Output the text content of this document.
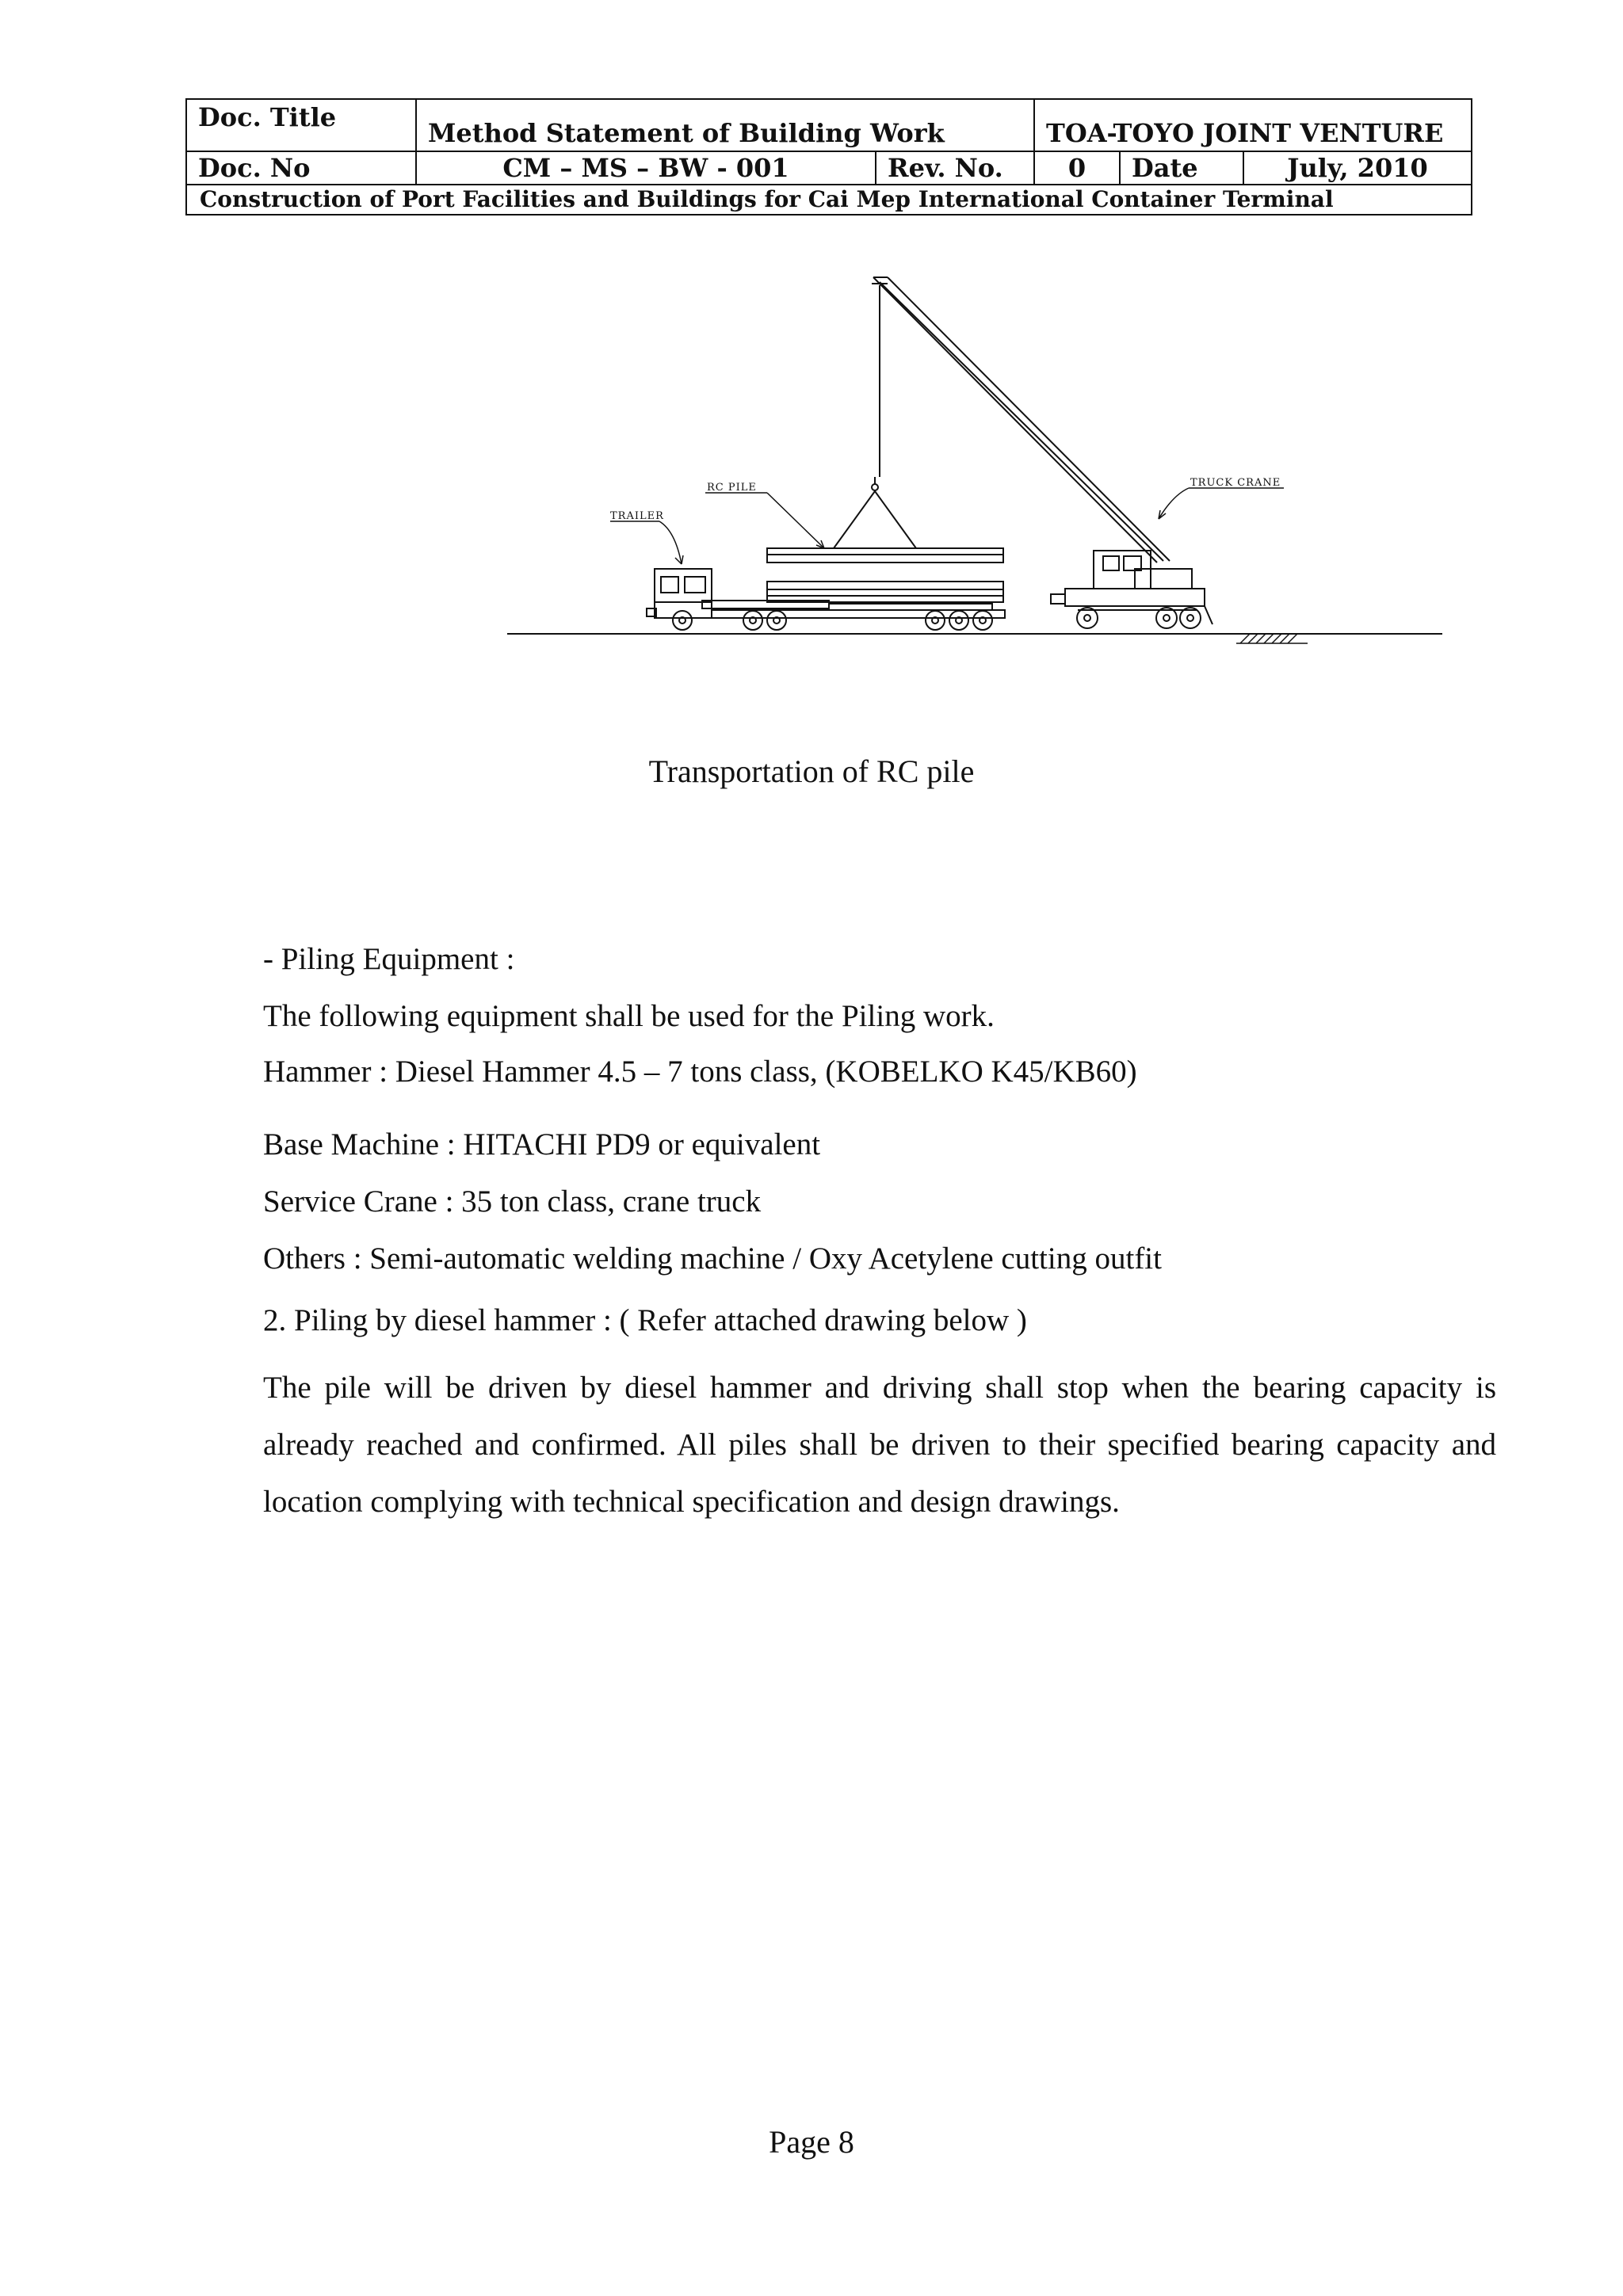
Doc. Title	Method Statement of Building Work		TOA-TOYO JOINT VENTURE		
Doc. No	CM – MS – BW - 001	Rev. No.	0	Date	July, 2010
Construction of Port Facilities and Buildings for Cai Mep International Container Terminal					
TRAILER
RC PILE	TRUCK CRANE
Transportation of RC pile
- Piling Equipment :
The following equipment shall be used for the Piling work.
Hammer : Diesel Hammer 4.5 – 7 tons class, (KOBELKO K45/KB60)
Base Machine : HITACHI PD9 or equivalent
Service Crane : 35 ton class, crane truck
Others : Semi-automatic welding machine / Oxy Acetylene cutting outfit
2. Piling by diesel hammer : ( Refer attached drawing below )

The pile will be driven by diesel hammer and driving shall stop when the bearing capacity is already reached and confirmed. All piles shall be driven to their specified bearing capacity and location complying with technical specification and design drawings.

Page 8
